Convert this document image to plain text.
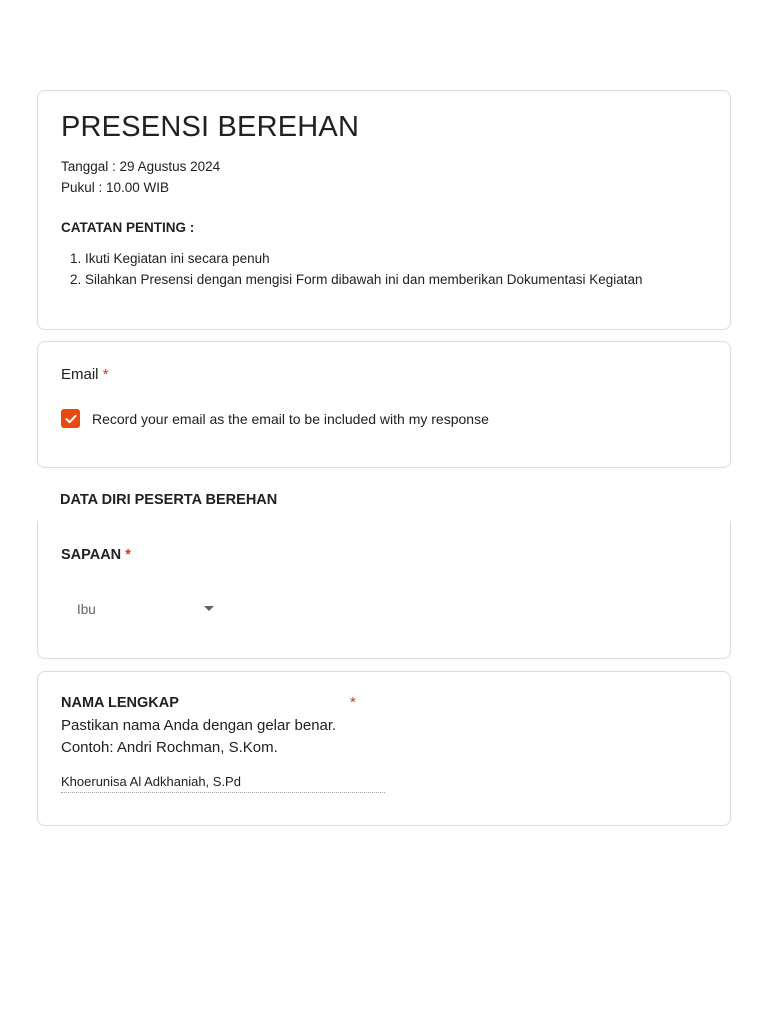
PRESENSI BEREHAN
Tanggal : 29 Agustus 2024
Pukul : 10.00 WIB
CATATAN PENTING :
1. Ikuti Kegiatan ini secara penuh
2. Silahkan Presensi dengan mengisi Form dibawah ini dan memberikan Dokumentasi Kegiatan
Email *
Record your email as the email to be included with my response
DATA DIRI PESERTA BEREHAN
SAPAAN *
Ibu
NAMA LENGKAP	*
Pastikan nama Anda dengan gelar benar.
Contoh: Andri Rochman, S.Kom.
Khoerunisa Al Adkhaniah, S.Pd
